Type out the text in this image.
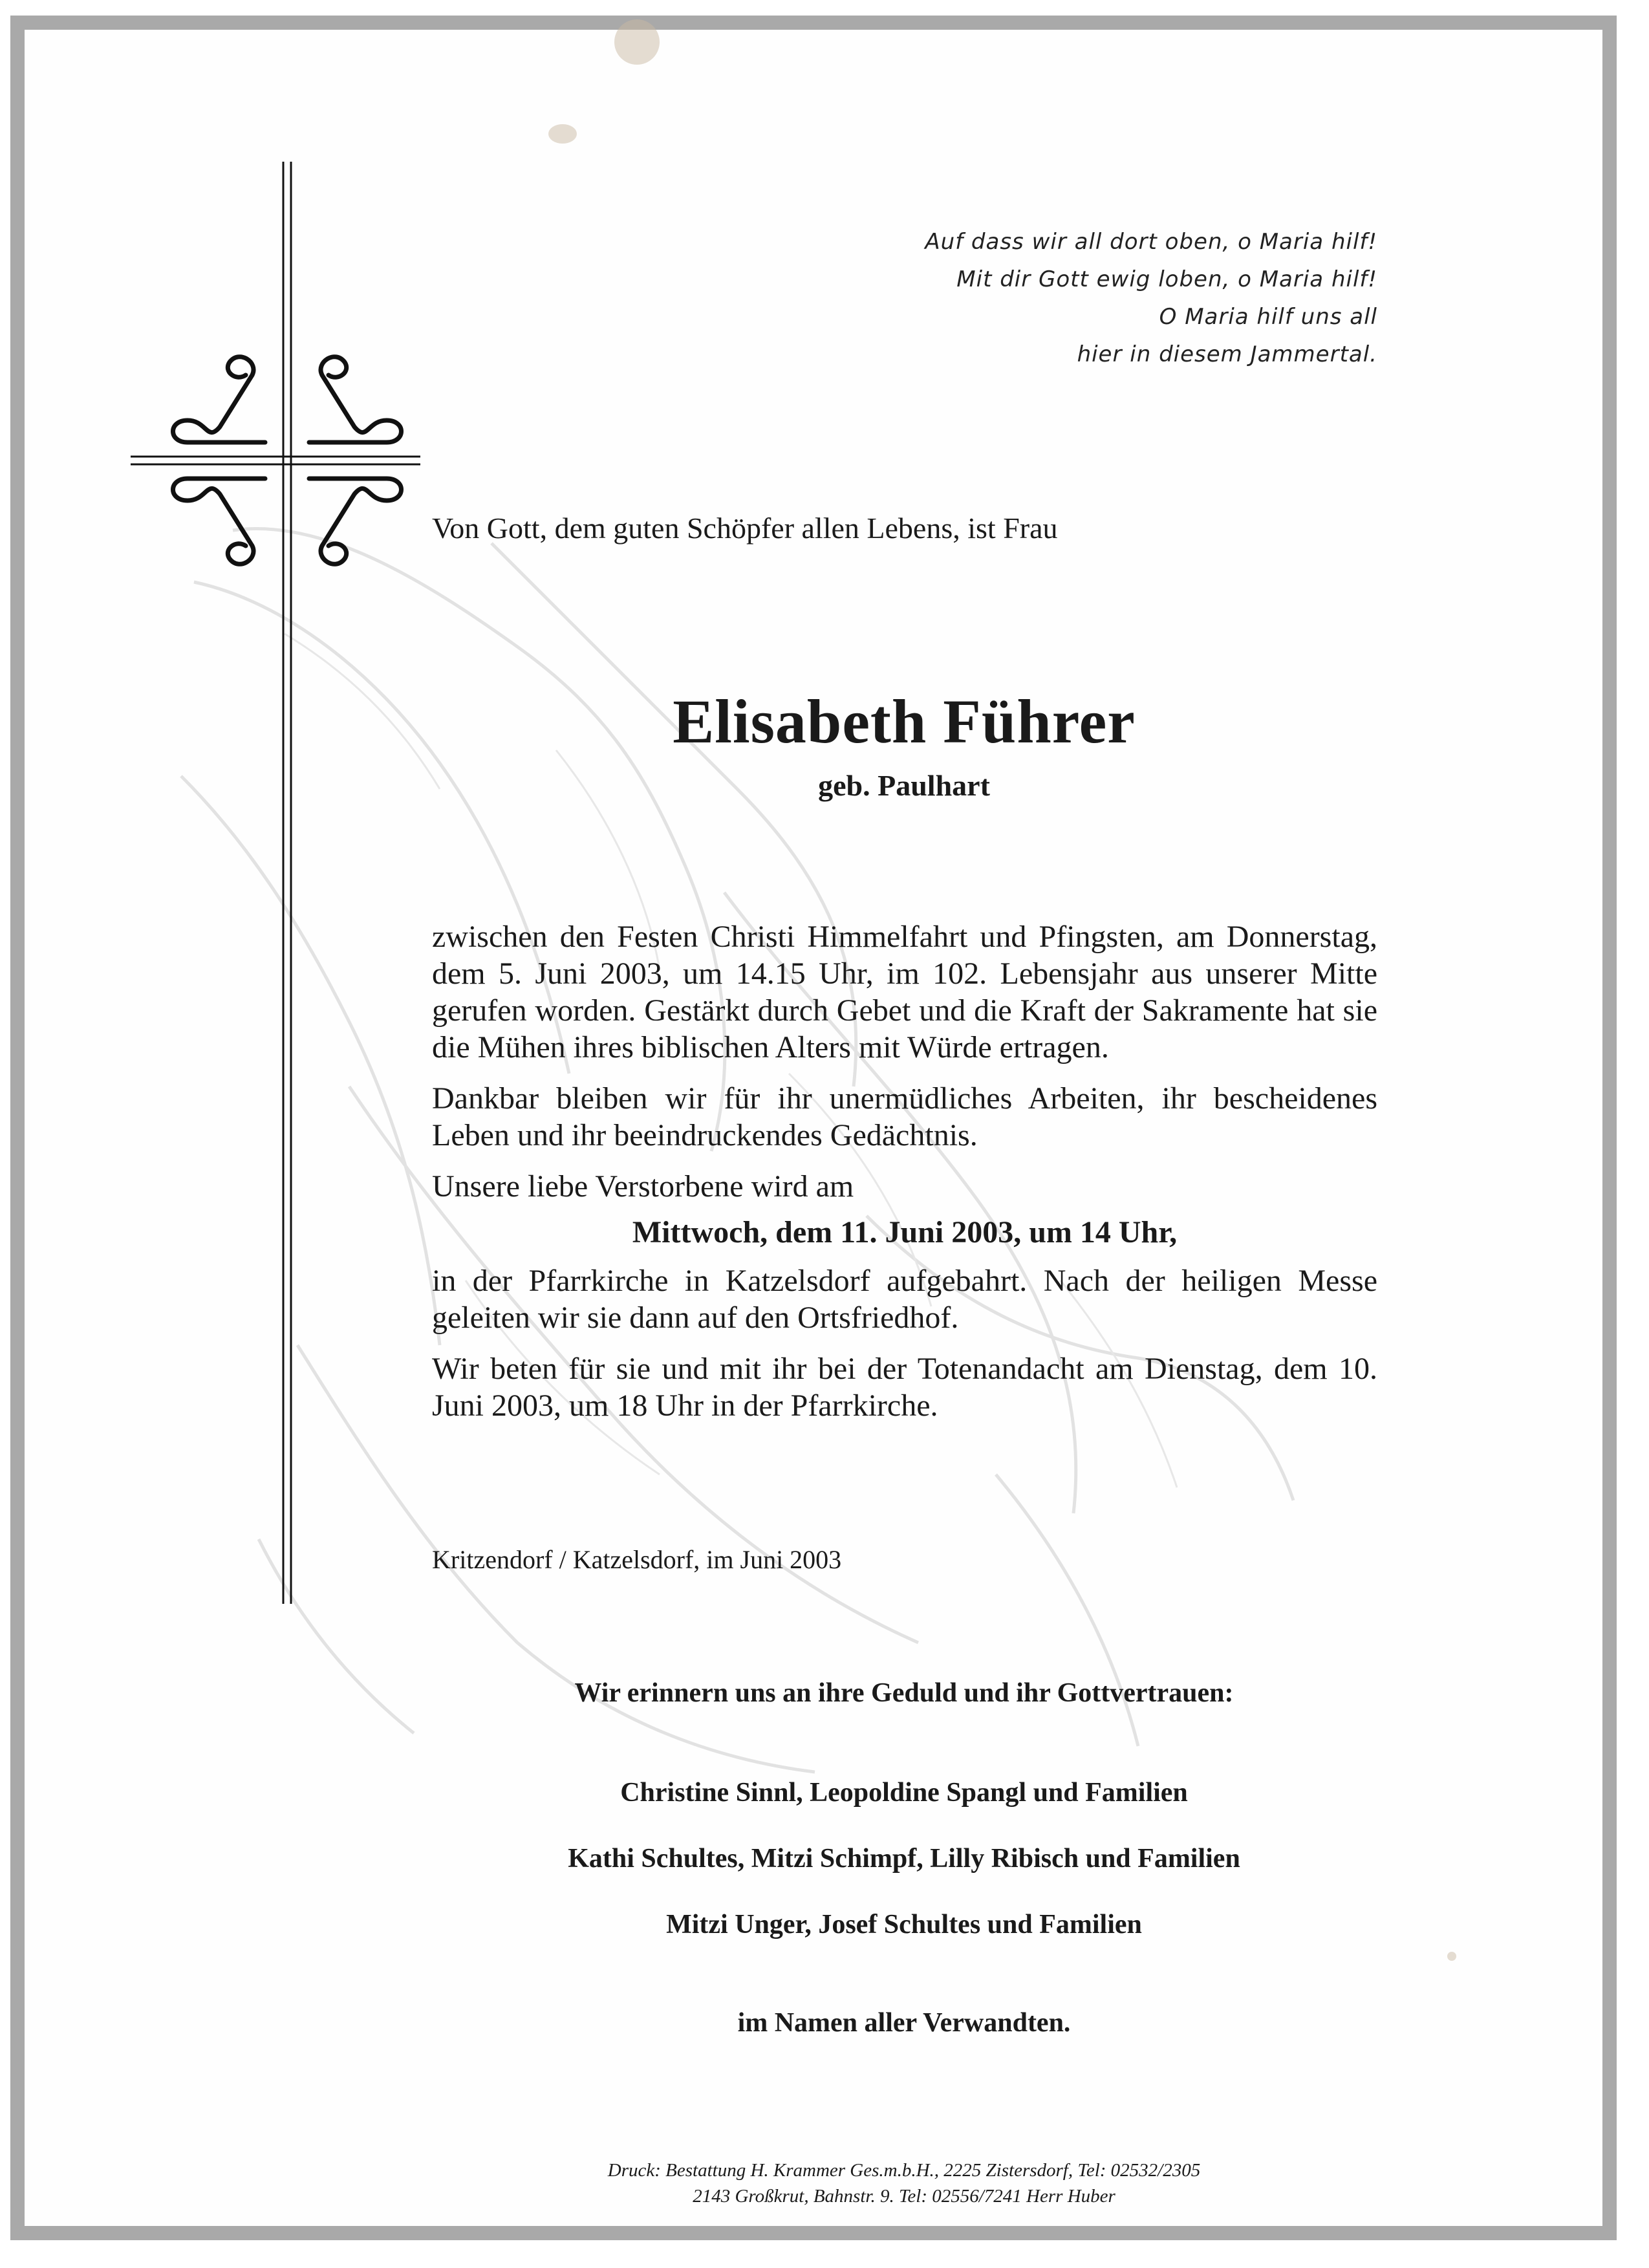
Auf dass wir all dort oben, o Maria hilf!
Mit dir Gott ewig loben, o Maria hilf!
O Maria hilf uns all
hier in diesem Jammertal.
Von Gott, dem guten Schöpfer allen Lebens, ist Frau
Elisabeth Führer
geb. Paulhart

zwischen den Festen Christi Himmelfahrt und Pfingsten, am Donnerstag, dem 5. Juni 2003, um 14.15 Uhr, im 102. Lebensjahr aus unserer Mitte gerufen worden. Gestärkt durch Gebet und die Kraft der Sakramente hat sie die Mühen ihres biblischen Alters mit Würde ertragen.

Dankbar bleiben wir für ihr unermüdliches Arbeiten, ihr bescheidenes Leben und ihr beeindruckendes Gedächtnis.

Unsere liebe Verstorbene wird am

Mittwoch, dem 11. Juni 2003, um 14 Uhr,

in der Pfarrkirche in Katzelsdorf aufgebahrt. Nach der heiligen Messe geleiten wir sie dann auf den Ortsfriedhof.

Wir beten für sie und mit ihr bei der Totenandacht am Dienstag, dem 10. Juni 2003, um 18 Uhr in der Pfarrkirche.

Kritzendorf / Katzelsdorf, im Juni 2003
Wir erinnern uns an ihre Geduld und ihr Gottvertrauen:
Christine Sinnl, Leopoldine Spangl und Familien
Kathi Schultes, Mitzi Schimpf, Lilly Ribisch und Familien
Mitzi Unger, Josef Schultes und Familien
im Namen aller Verwandten.
Druck: Bestattung H. Krammer Ges.m.b.H., 2225 Zistersdorf, Tel: 02532/2305
2143 Großkrut, Bahnstr. 9. Tel: 02556/7241 Herr Huber
